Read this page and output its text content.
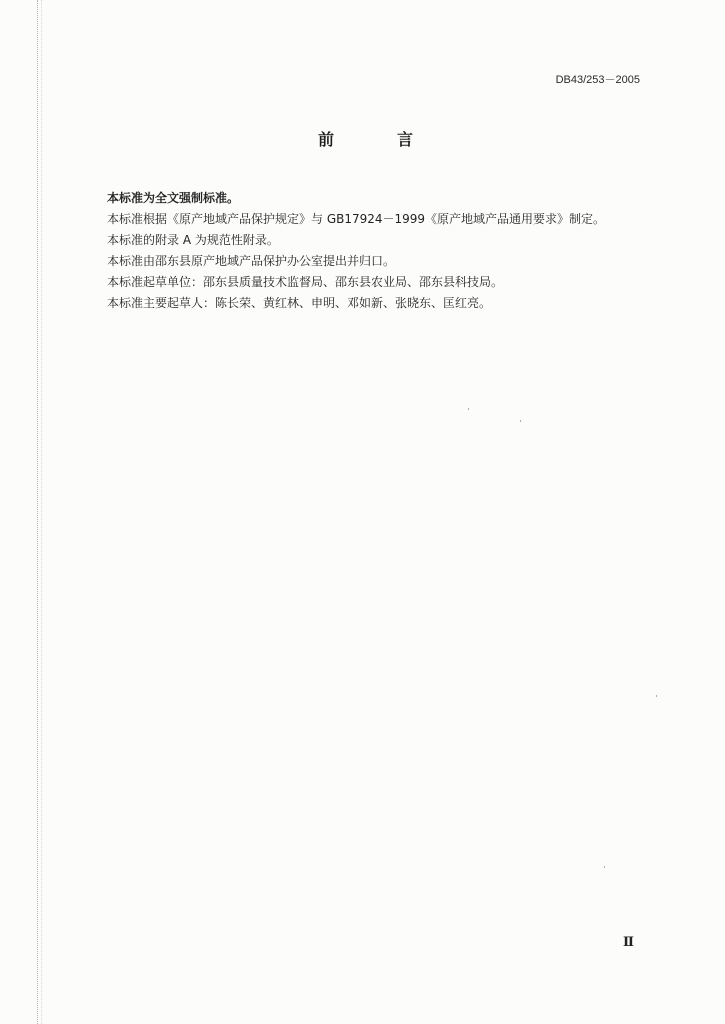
DB43/253－2005
前	言
本标准为全文强制标准。
本标准根据《原产地域产品保护规定》与 GB17924－1999《原产地域产品通用要求》制定。
本标准的附录 A 为规范性附录。
本标准由邵东县原产地域产品保护办公室提出并归口。
本标准起草单位：邵东县质量技术监督局、邵东县农业局、邵东县科技局。
本标准主要起草人：陈长荣、黄红林、申明、邓如新、张晓东、匡红亮。
Ⅱ
